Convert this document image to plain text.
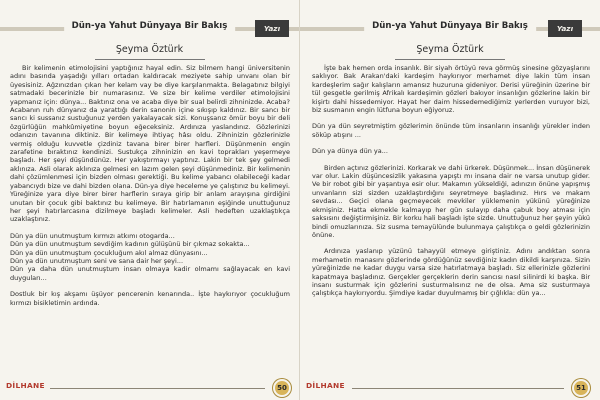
Dün-ya Yahut Dünyaya Bir Bakış	Yazı
Şeyma Öztürk

Bir kelimenin etimolojisini yaptığınız hayal edin. Siz bilmem hangi üniversitenin adını basında yaşadığı yılları ortadan kaldıracak meziyete sahip unvanı olan bir üyesisiniz. Ağzınızdan çıkan her kelam vay be diye karşılanmakta. Belagatınız bilgiyi satmadaki becerinizle bir numarasınız. Ve size bir kelime verdiler etimolojisini yapmanız için: dünya... Baktınız ona ve acaba diye bir sual belirdi zihninizde. Acaba? Acabanın ruh dünyanız da yarattığı derin sanonin içine sıkışıp kaldınız. Bir sancı bir sancı ki sussanız sustuğunuz yerden yakalayacak sizi. Konuşsanız ömür boyu bir deli özgürlüğün mahkûmiyetine boyun eğeceksiniz. Ardınıza yaslandınız. Gözlerinizi odanızın tavanına diktiniz. Bir kelimeye ihtiyaç hâsı oldu. Zihninizin gözlerinizle vermiş olduğu kuvvetle çizdiniz tavana birer birer harfleri. Düşünmenin engin zarafetine bıraktınız kendinizi. Sustukça zihninizin en kavi toprakları yeşermeye başladı. Her şeyi düşündünüz. Her yakıştırmayı yaptınız. Lakin bir tek şey gelmedi aklınıza. Asli olarak aklınıza gelmesi en lazım gelen şeyi düşünmediniz. Bir kelimenin dahi çözümlenmesi için bizden olması gerektiği. Bu kelime yabancı olabileceği kadar yabancıydı bize ve dahi bizden olana. Dün-ya diye heceleme ye çalıştınız bu kelimeyi. Yüreğinize yara diye birer birer harflerin sıraya girip bir anlam arayışına girdiğini unutan bir çocuk gibi baktınız bu kelimeye. Bir hatırlamanın eşiğinde unuttuğunuz her şeyi hatırlarcasına dizilmeye başladı kelimeler. Asli hedeften uzaklaştıkça uzaklaştınız.

Dün ya dün unutmuştum kırmızı atkımı otogarda...

Dün ya dün unutmuştum sevdiğim kadının gülüşünü bir çıkmaz sokakta...

Dün ya dün unutmuştum çocukluğum akıl almaz dünyasını...

Dün ya dün unutmuştum seni ve sana dair her şeyi...

Dün ya daha dün unutmuştum insan olmaya kadir olmamı sağlayacak en kavi duyguları...

Dostluk bir kış akşamı üşüyor pencerenin kenarında.. İşte haykırıyor çocukluğum kırmızı bisikletimin ardında.

DİLHANE	50
Dün-ya Yahut Dünyaya Bir Bakış	Yazı
Şeyma Öztürk

İşte bak hemen orda insanlık. Bir siyah örtüyü reva görmüş sinesine gözyaşlarını saklıyor. Bak Arakan'daki kardeşim haykırıyor merhamet diye lakin tüm insan kardeşlerim sağır kalışların amansız huzuruna gideniyor. Derisi yüreğinin üzerine bir tül gesgetle gerilmiş Afrikalı kardeşimin gözleri bakıyor insanlığın gözlerine lakin bir kişirtı dahi hissedemiyor. Hayat her daim hissedemediğimiz yerlerden vuruyor bizi, biz susmanın engin lütfuna boyun eğiyoruz.

Dün ya dün seyretmiştim gözlerimin önünde tüm insanların insanlığı yürekler inden söküp atışını ...

Dün ya dünya dün ya...

Birden açtınız gözlerinizi. Korkarak ve dahi ürkerek. Düşünmek... İnsan düşünerek var olur. Lakin düşüncesizlik yakasına yapıştı mı insana dair ne varsa unutup gider. Ve bir robot gibi bir yaşantıya esir olur. Makamın yükseldiği, adınızın önüne yapışmış unvanların sizi sizden uzaklaştırdığını seyretmeye başladınız. Hırs ve makam sevdası... Geçici olana geçmeyecek mevkiler yüklemenin yükünü yüreğinize ekmişiniz. Hatta ekmekle kalmayıp her gün sulayıp daha çabuk boy atması için saksısını değiştirmişiniz. Bir korku hali başladı işte sizde. Unuttuğunuz her şeyin yükü bindi omuzlarınıza. Siz susma temayülünde bulunmaya çalıştıkça o geldi gözlerinizin önüne.

Ardınıza yaslanıp yüzünü tahayyül etmeye giriştiniz. Adını andıktan sonra merhametin manasını gözlerinde gördüğünüz sevdiğiniz kadın dikildi karşınıza. Sizin yüreğinizde ne kadar duygu varsa size hatırlatmaya başladı. Siz ellerinizle gözlerini kapatmaya başladınız. Gerçekler gerçeklerin derin sancısı nasıl silinirdi ki başka. Bir insanı susturmak için gözlerini susturmalısınız ne de olsa. Ama siz susturmaya çalıştıkça haykırıyordu. Şimdiye kadar duyulmamış bir çığlıkla: dün ya...

DİLHANE	51
